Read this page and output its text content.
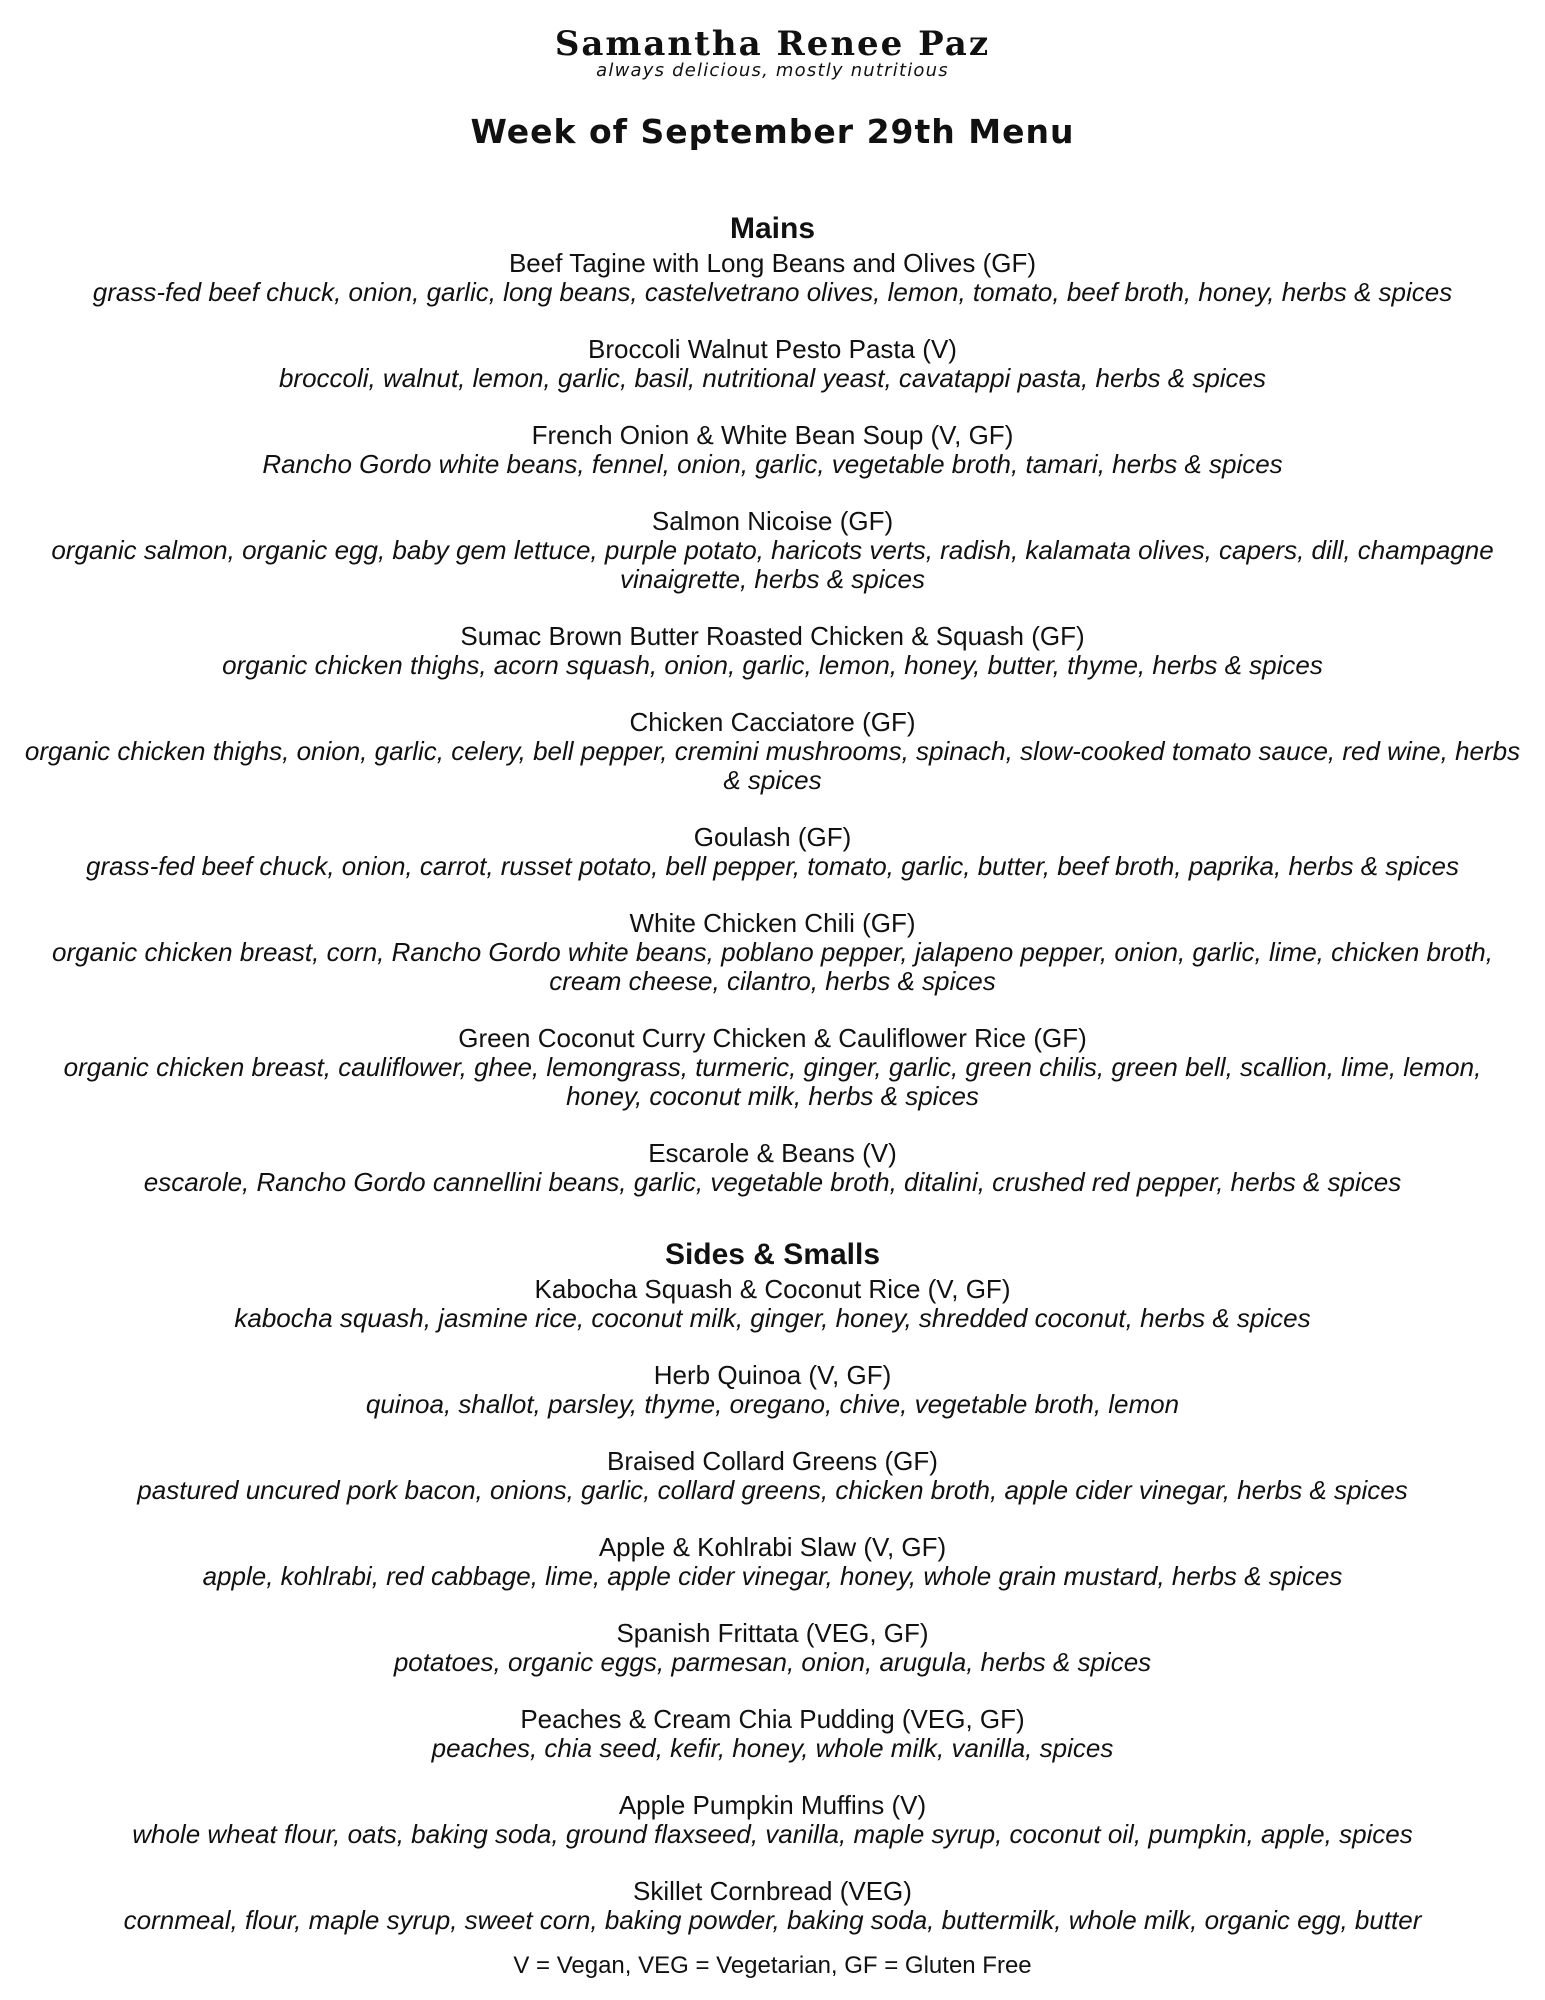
Samantha Renee Paz
always delicious, mostly nutritious
Week of September 29th Menu
Mains
Beef Tagine with Long Beans and Olives (GF)
grass-fed beef chuck, onion, garlic, long beans, castelvetrano olives, lemon, tomato, beef broth, honey, herbs & spices
Broccoli Walnut Pesto Pasta (V)
broccoli, walnut, lemon, garlic, basil, nutritional yeast, cavatappi pasta, herbs & spices
French Onion & White Bean Soup (V, GF)
Rancho Gordo white beans, fennel, onion, garlic, vegetable broth, tamari, herbs & spices
Salmon Nicoise (GF)
organic salmon, organic egg, baby gem lettuce, purple potato, haricots verts, radish, kalamata olives, capers, dill, champagne vinaigrette, herbs & spices
Sumac Brown Butter Roasted Chicken & Squash (GF)
organic chicken thighs, acorn squash, onion, garlic, lemon, honey, butter, thyme, herbs & spices
Chicken Cacciatore (GF)
organic chicken thighs, onion, garlic, celery, bell pepper, cremini mushrooms, spinach, slow-cooked tomato sauce, red wine, herbs & spices
Goulash (GF)
grass-fed beef chuck, onion, carrot, russet potato, bell pepper, tomato, garlic, butter, beef broth, paprika, herbs & spices
White Chicken Chili (GF)
organic chicken breast, corn, Rancho Gordo white beans, poblano pepper, jalapeno pepper, onion, garlic, lime, chicken broth, cream cheese, cilantro, herbs & spices
Green Coconut Curry Chicken & Cauliflower Rice (GF)
organic chicken breast, cauliflower, ghee, lemongrass, turmeric, ginger, garlic, green chilis, green bell, scallion, lime, lemon, honey, coconut milk, herbs & spices
Escarole & Beans (V)
escarole, Rancho Gordo cannellini beans, garlic, vegetable broth, ditalini, crushed red pepper, herbs & spices
Sides & Smalls
Kabocha Squash & Coconut Rice (V, GF)
kabocha squash, jasmine rice, coconut milk, ginger, honey, shredded coconut, herbs & spices
Herb Quinoa (V, GF)
quinoa, shallot, parsley, thyme, oregano, chive, vegetable broth, lemon
Braised Collard Greens (GF)
pastured uncured pork bacon, onions, garlic, collard greens, chicken broth, apple cider vinegar, herbs & spices
Apple & Kohlrabi Slaw (V, GF)
apple, kohlrabi, red cabbage, lime, apple cider vinegar, honey, whole grain mustard, herbs & spices
Spanish Frittata (VEG, GF)
potatoes, organic eggs, parmesan, onion, arugula, herbs & spices
Peaches & Cream Chia Pudding (VEG, GF)
peaches, chia seed, kefir, honey, whole milk, vanilla, spices
Apple Pumpkin Muffins (V)
whole wheat flour, oats, baking soda, ground flaxseed, vanilla, maple syrup, coconut oil, pumpkin, apple, spices
Skillet Cornbread (VEG)
cornmeal, flour, maple syrup, sweet corn, baking powder, baking soda, buttermilk, whole milk, organic egg, butter
V = Vegan, VEG = Vegetarian, GF = Gluten Free
